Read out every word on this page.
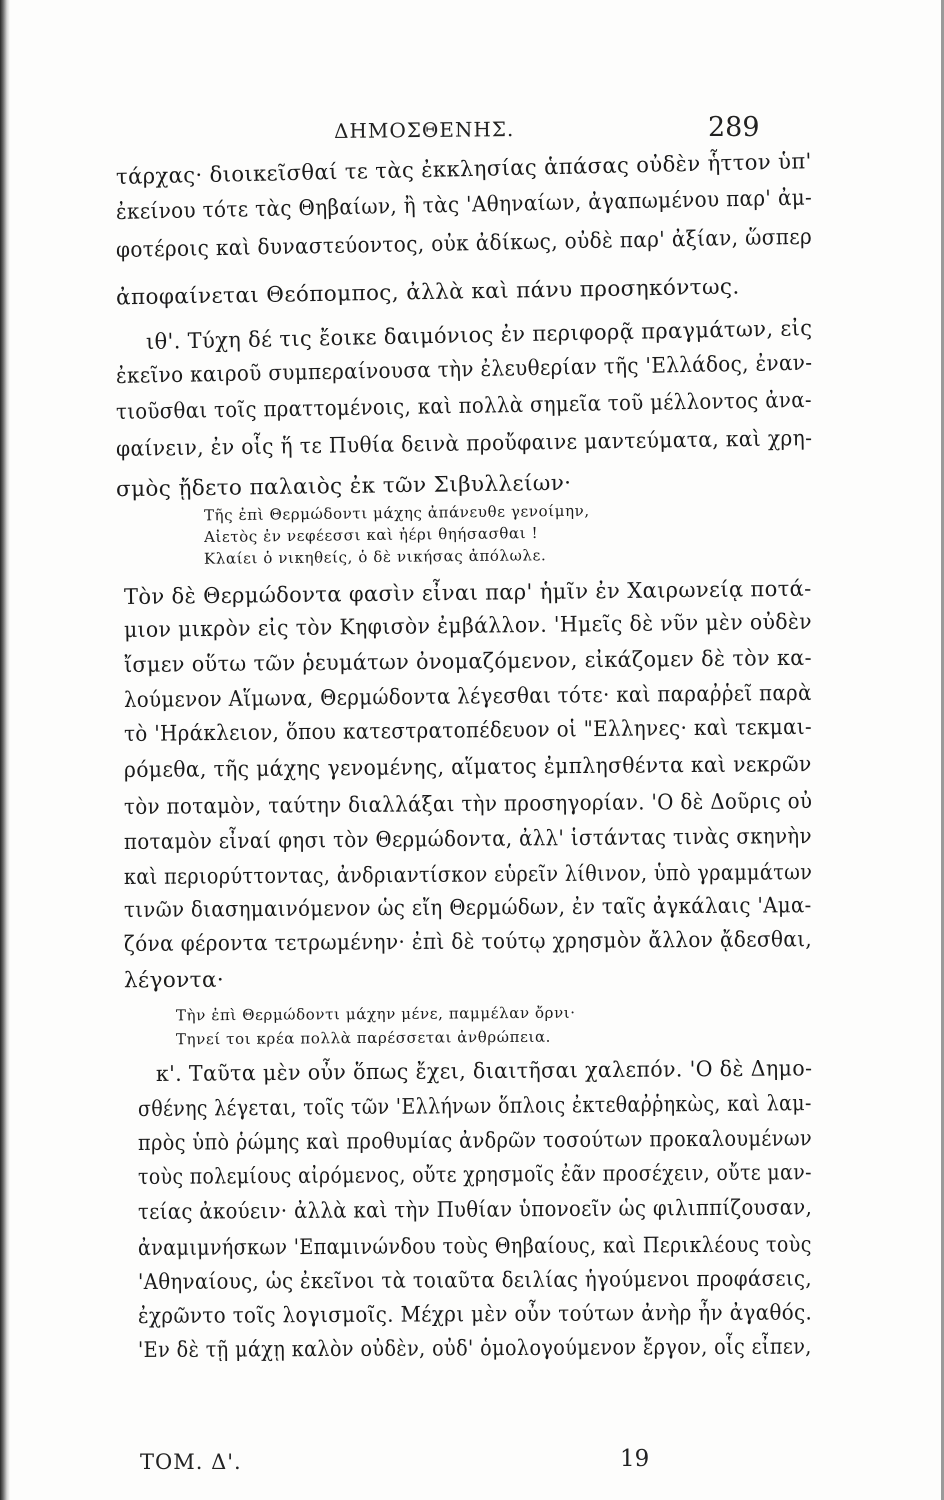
ΔΗΜΟΣΘΕΝΗΣ.	289
τάρχας· διοικεῖσθαί τε τὰς ἐκκλησίας ἁπάσας οὐδὲν ἧττον ὑπ'
ἐκείνου τότε τὰς Θηβαίων, ἢ τὰς 'Αθηναίων, ἀγαπωμένου παρ' ἀμ-
φοτέροις καὶ δυναστεύοντος, οὐκ ἀδίκως, οὐδὲ παρ' ἀξίαν, ὥσπερ
ἀποφαίνεται Θεόπομπος, ἀλλὰ καὶ πάνυ προσηκόντως.
ιθ'. Τύχη δέ τις ἔοικε δαιμόνιος ἐν περιφορᾷ πραγμάτων, εἰς
ἐκεῖνο καιροῦ συμπεραίνουσα τὴν ἐλευθερίαν τῆς 'Ελλάδος, ἐναν-
τιοῦσθαι τοῖς πραττομένοις, καὶ πολλὰ σημεῖα τοῦ μέλλοντος ἀνα-
φαίνειν, ἐν οἷς ἥ τε Πυθία δεινὰ προὔφαινε μαντεύματα, καὶ χρη-
σμὸς ᾔδετο παλαιὸς ἐκ τῶν Σιβυλλείων·
Τῆς ἐπὶ Θερμώδοντι μάχης ἀπάνευθε γενοίμην,
Αἰετὸς ἐν νεφέεσσι καὶ ἠέρι θηήσασθαι !
Κλαίει ὁ νικηθείς, ὁ δὲ νικήσας ἀπόλωλε.
Τὸν δὲ Θερμώδοντα φασὶν εἶναι παρ' ἡμῖν ἐν Χαιρωνείᾳ ποτά-
μιον μικρὸν εἰς τὸν Κηφισὸν ἐμβάλλον. 'Ημεῖς δὲ νῦν μὲν οὐδὲν
ἴσμεν οὕτω τῶν ῥευμάτων ὀνομαζόμενον, εἰκάζομεν δὲ τὸν κα-
λούμενον Αἵμωνα, Θερμώδοντα λέγεσθαι τότε· καὶ παραῤῥεῖ παρὰ
τὸ 'Ηράκλειον, ὅπου κατεστρατοπέδευον οἱ "Ελληνες· καὶ τεκμαι-
ρόμεθα, τῆς μάχης γενομένης, αἵματος ἐμπλησθέντα καὶ νεκρῶν
τὸν ποταμὸν, ταύτην διαλλάξαι τὴν προσηγορίαν. 'Ο δὲ Δοῦρις οὐ
ποταμὸν εἶναί φησι τὸν Θερμώδοντα, ἀλλ' ἱστάντας τινὰς σκηνὴν
καὶ περιορύττοντας, ἀνδριαντίσκον εὑρεῖν λίθινον, ὑπὸ γραμμάτων
τινῶν διασημαινόμενον ὡς εἴη Θερμώδων, ἐν ταῖς ἀγκάλαις 'Αμα-
ζόνα φέροντα τετρωμένην· ἐπὶ δὲ τούτῳ χρησμὸν ἄλλον ᾄδεσθαι,
λέγοντα·
Τὴν ἐπὶ Θερμώδοντι μάχην μένε, παμμέλαν ὄρνι·
Τηνεί τοι κρέα πολλὰ παρέσσεται ἀνθρώπεια.
κ'. Ταῦτα μὲν οὖν ὅπως ἔχει, διαιτῆσαι χαλεπόν. 'Ο δὲ Δημο-
σθένης λέγεται, τοῖς τῶν 'Ελλήνων ὅπλοις ἐκτεθαῤῥηκὼς, καὶ λαμ-
πρὸς ὑπὸ ῥώμης καὶ προθυμίας ἀνδρῶν τοσούτων προκαλουμένων
τοὺς πολεμίους αἰρόμενος, οὔτε χρησμοῖς ἐᾶν προσέχειν, οὔτε μαν-
τείας ἀκούειν· ἀλλὰ καὶ τὴν Πυθίαν ὑπονοεῖν ὡς φιλιππίζουσαν,
ἀναμιμνήσκων 'Επαμινώνδου τοὺς Θηβαίους, καὶ Περικλέους τοὺς
'Αθηναίους, ὡς ἐκεῖνοι τὰ τοιαῦτα δειλίας ἡγούμενοι προφάσεις,
ἐχρῶντο τοῖς λογισμοῖς. Μέχρι μὲν οὖν τούτων ἀνὴρ ἦν ἀγαθός.
'Εν δὲ τῇ μάχῃ καλὸν οὐδὲν, οὐδ' ὁμολογούμενον ἔργον, οἷς εἶπεν,
TOM. Δ'.	19
